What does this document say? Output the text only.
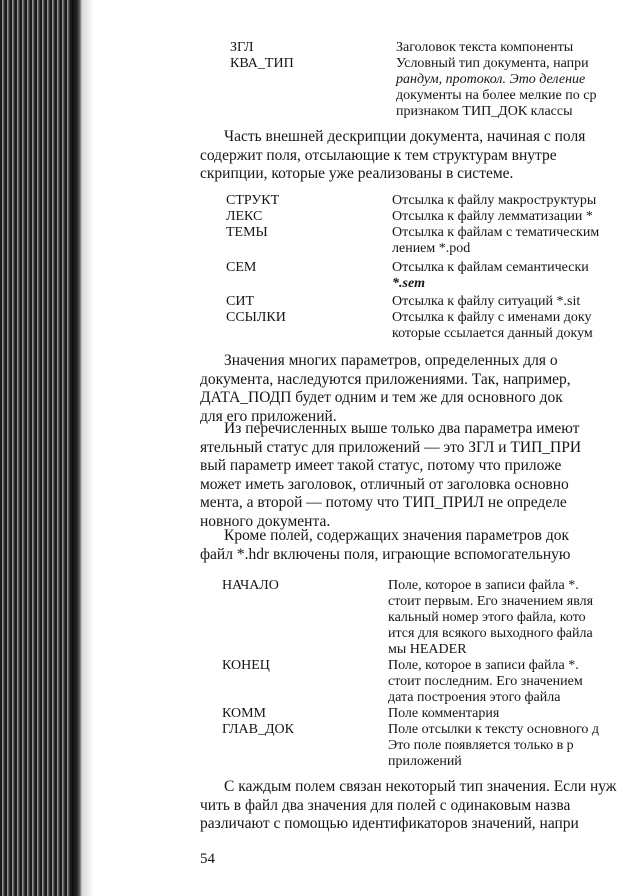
ЗГЛ	Заголовок текста компоненты
КВА_ТИП	Условный тип документа, напри
рандум, протокол. Это деление
документы на более мелкие по ср
признаком ТИП_ДОК классы
Часть внешней дескрипции документа, начиная с поля
содержит поля, отсылающие к тем структурам внутре
скрипции, которые уже реализованы в системе.
СТРУКТ	Отсылка к файлу макроструктуры
ЛЕКС	Отсылка к файлу лемматизации *
ТЕМЫ	Отсылка к файлам с тематическим
лением *.pod
СЕМ	Отсылка к файлам семантически
*.sem
СИТ	Отсылка к файлу ситуаций *.sit
ССЫЛКИ	Отсылка к файлу с именами доку
которые ссылается данный докум
Значения многих параметров, определенных для о
документа, наследуются приложениями. Так, например,
ДАТА_ПОДП будет одним и тем же для основного док
для его приложений.
Из перечисленных выше только два параметра имеют
ятельный статус для приложений — это ЗГЛ и ТИП_ПРИ
вый параметр имеет такой статус, потому что приложе
может иметь заголовок, отличный от заголовка основно
мента, а второй — потому что ТИП_ПРИЛ не определе
новного документа.
Кроме полей, содержащих значения параметров док
файл *.hdr включены поля, играющие вспомогательную
НАЧАЛО	Поле, которое в записи файла *.
стоит первым. Его значением явля
кальный номер этого файла, кото
ится для всякого выходного файла
мы HEADER
КОНЕЦ	Поле, которое в записи файла *.
стоит последним. Его значением
дата построения этого файла
КОММ	Поле комментария
ГЛАВ_ДОК	Поле отсылки к тексту основного д
Это поле появляется только в р
приложений
С каждым полем связан некоторый тип значения. Если нуж
чить в файл два значения для полей с одинаковым назва
различают с помощью идентификаторов значений, напри
54
